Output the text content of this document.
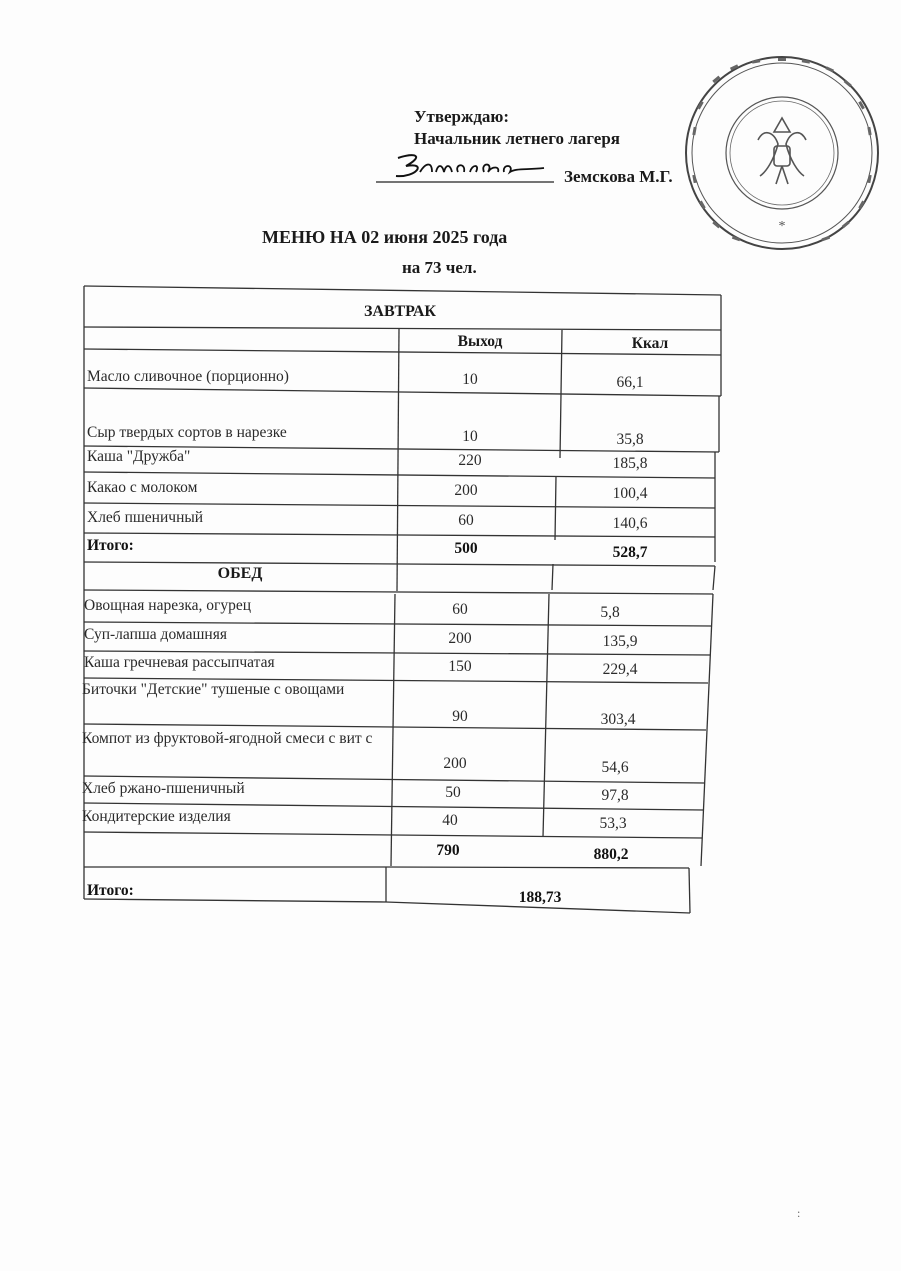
Утверждаю:
Начальник летнего лагеря
Земскова М.Г.
*
МЕНЮ НА 02 июня 2025 года
на 73 чел.
ЗАВТРАК
Выход	Ккал
Масло сливочное (порционно)	10	66,1
Сыр твердых сортов в нарезке	10	35,8
Каша "Дружба"	220	185,8
Какао с молоком	200	100,4
Хлеб пшеничный	60	140,6
Итого:	500	528,7
ОБЕД
Овощная нарезка, огурец	60	5,8
Суп-лапша домашняя	200	135,9
Каша гречневая рассыпчатая	150	229,4
Биточки "Детские" тушеные с овощами
90	303,4
Компот из фруктовой-ягодной смеси с вит с
200	54,6
Хлеб ржано-пшеничный	50	97,8
Кондитерские изделия	40	53,3
790	880,2
Итого:	188,73
:
